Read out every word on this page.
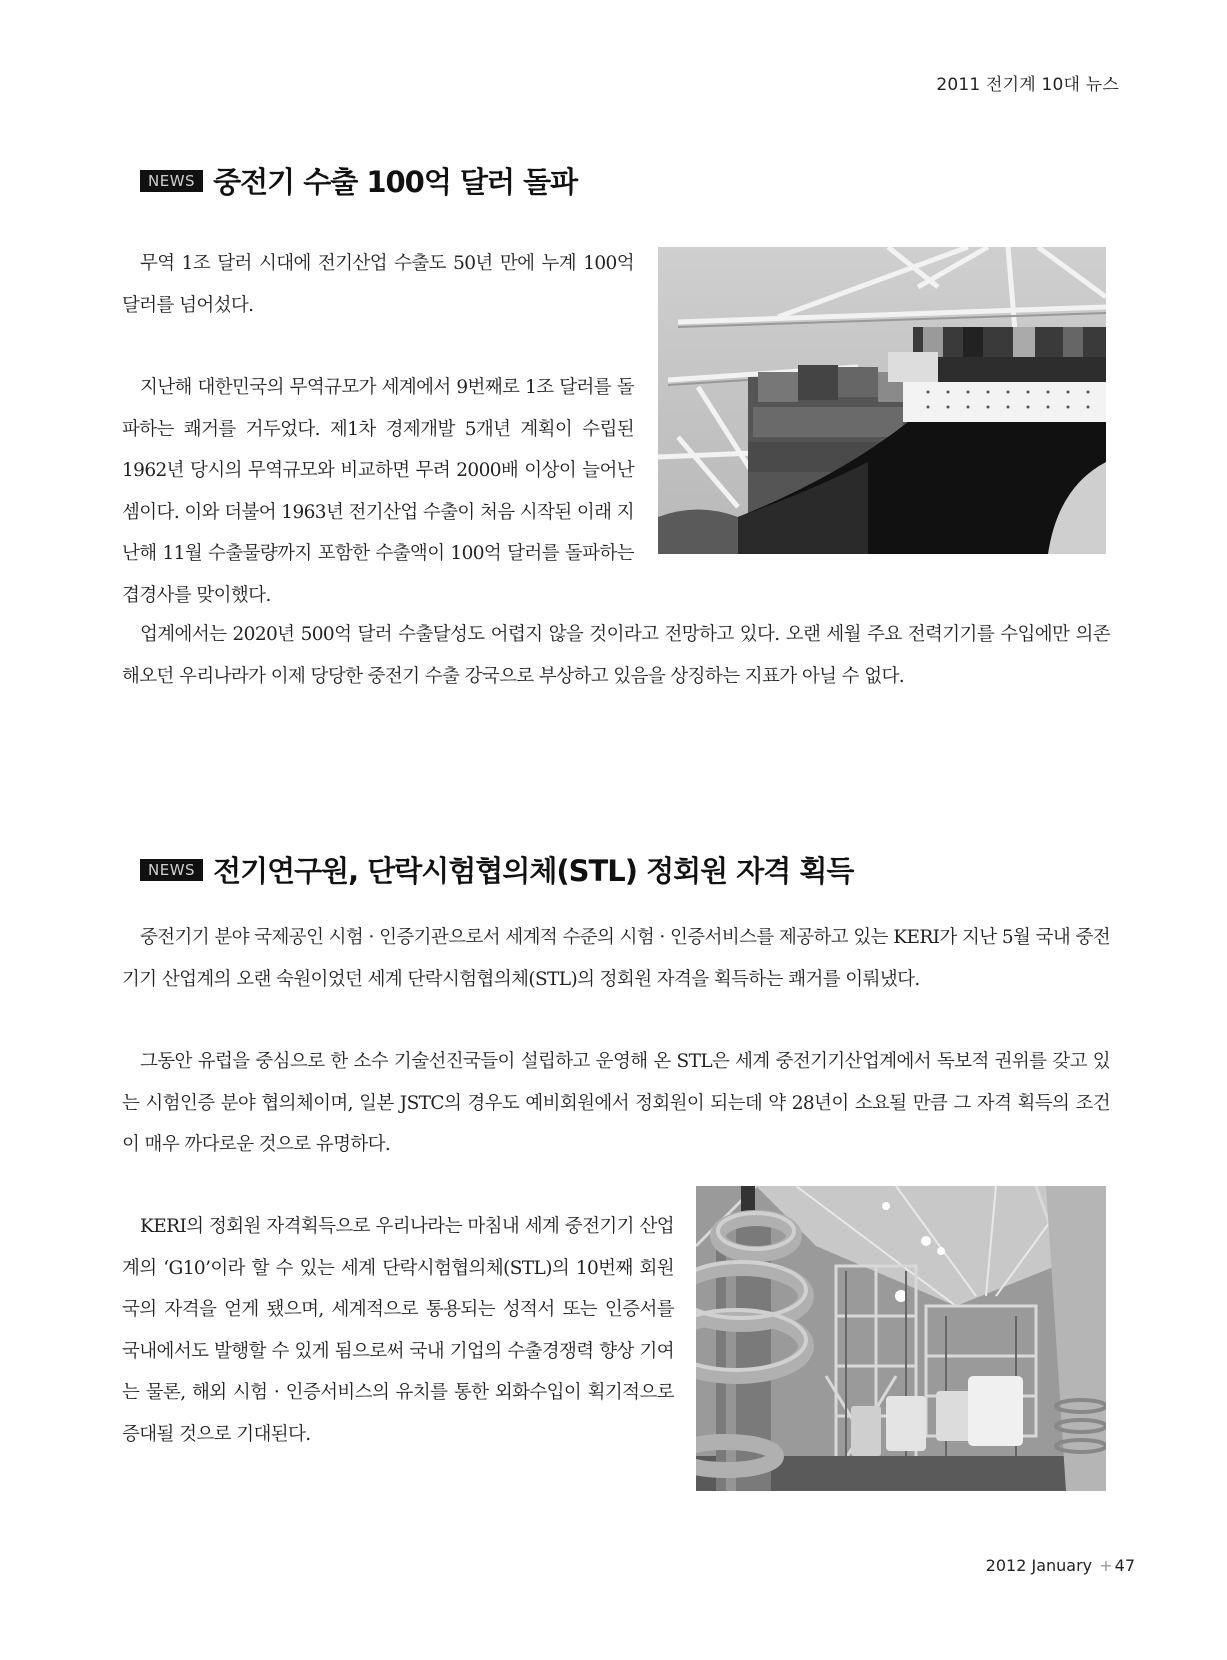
2011 전기계 10대 뉴스
NEWS 중전기 수출 100억 달러 돌파

무역 1조 달러 시대에 전기산업 수출도 50년 만에 누계 100억 달러를 넘어섰다.

지난해 대한민국의 무역규모가 세계에서 9번째로 1조 달러를 돌파하는 쾌거를 거두었다. 제1차 경제개발 5개년 계획이 수립된 1962년 당시의 무역규모와 비교하면 무려 2000배 이상이 늘어난 셈이다. 이와 더불어 1963년 전기산업 수출이 처음 시작된 이래 지난해 11월 수출물량까지 포함한 수출액이 100억 달러를 돌파하는 겹경사를 맞이했다.

업계에서는 2020년 500억 달러 수출달성도 어렵지 않을 것이라고 전망하고 있다. 오랜 세월 주요 전력기기를 수입에만 의존해오던 우리나라가 이제 당당한 중전기 수출 강국으로 부상하고 있음을 상징하는 지표가 아닐 수 없다.

NEWS 전기연구원, 단락시험협의체(STL) 정회원 자격 획득

중전기기 분야 국제공인 시험 · 인증기관으로서 세계적 수준의 시험 · 인증서비스를 제공하고 있는 KERI가 지난 5월 국내 중전기기 산업계의 오랜 숙원이었던 세계 단락시험협의체(STL)의 정회원 자격을 획득하는 쾌거를 이뤄냈다.

그동안 유럽을 중심으로 한 소수 기술선진국들이 설립하고 운영해 온 STL은 세계 중전기기산업계에서 독보적 권위를 갖고 있는 시험인증 분야 협의체이며, 일본 JSTC의 경우도 예비회원에서 정회원이 되는데 약 28년이 소요될 만큼 그 자격 획득의 조건이 매우 까다로운 것으로 유명하다.

KERI의 정회원 자격획득으로 우리나라는 마침내 세계 중전기기 산업계의 ‘G10’이라 할 수 있는 세계 단락시험협의체(STL)의 10번째 회원국의 자격을 얻게 됐으며, 세계적으로 통용되는 성적서 또는 인증서를 국내에서도 발행할 수 있게 됨으로써 국내 기업의 수출경쟁력 향상 기여는 물론, 해외 시험 · 인증서비스의 유치를 통한 외화수입이 획기적으로 증대될 것으로 기대된다.

2012 January + 47
